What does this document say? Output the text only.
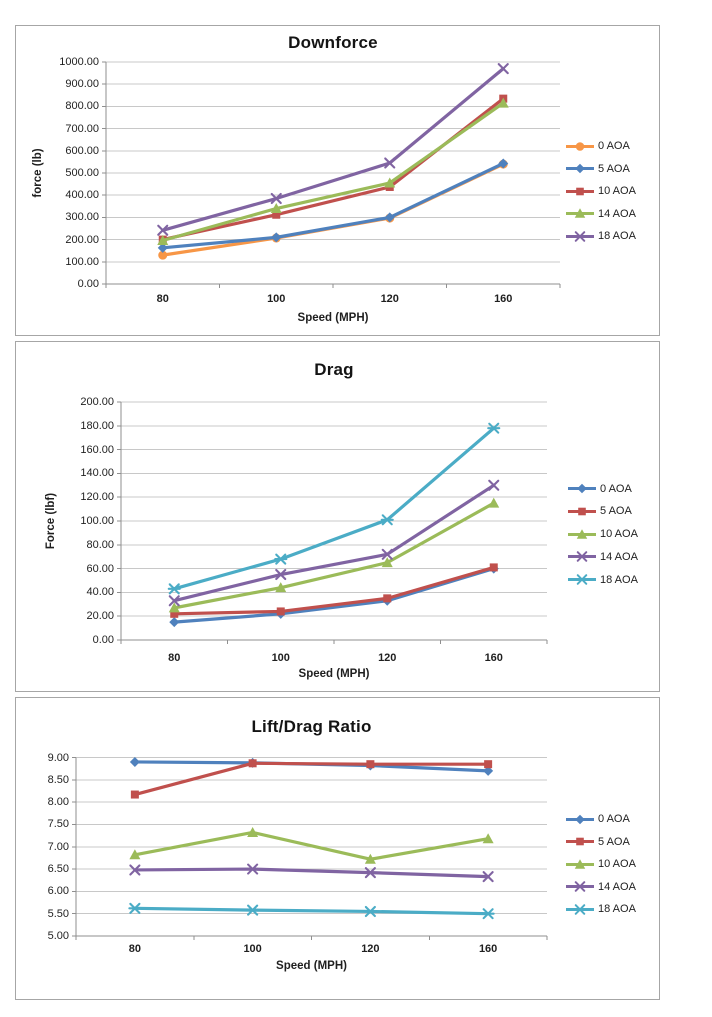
Downforce
force (lb)
Speed (MPH)
1000.00
900.00
800.00
700.00
600.00
500.00
400.00
300.00
200.00
100.00
0.00
80	100	120	160
0 AOA
5 AOA
10 AOA
14 AOA
18 AOA
Drag
Force (lbf)
Speed (MPH)
200.00
180.00
160.00
140.00
120.00
100.00
80.00
60.00
40.00
20.00
0.00
80	100	120	160
0 AOA
5 AOA
10 AOA
14 AOA
18 AOA
Lift/Drag Ratio
Speed (MPH)
9.00
8.50
8.00
7.50
7.00
6.50
6.00
5.50
5.00
80	100	120	160
0 AOA
5 AOA
10 AOA
14 AOA
18 AOA
